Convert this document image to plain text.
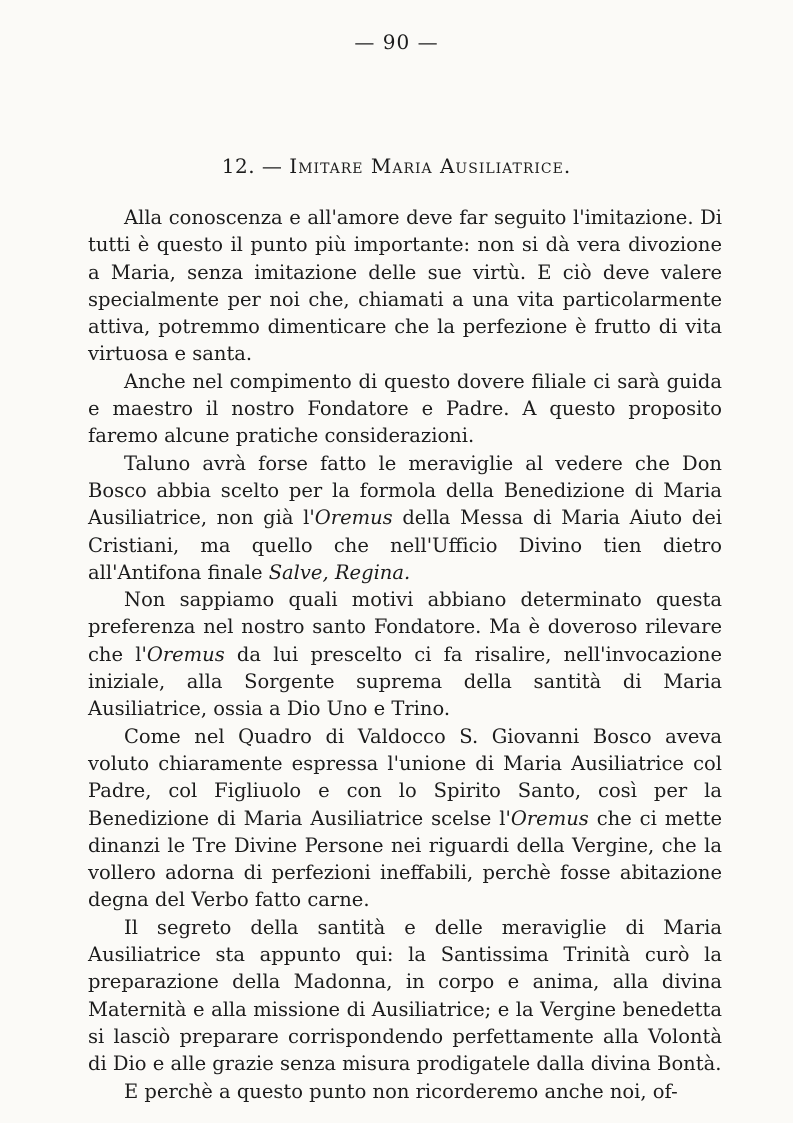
— 90 —
12. — Imitare Maria Ausiliatrice.

Alla conoscenza e all'amore deve far seguito l'imitazione. Di tutti è questo il punto più importante: non si dà vera divozione a Maria, senza imitazione delle sue virtù. E ciò deve valere specialmente per noi che, chiamati a una vita particolarmente attiva, potremmo dimenticare che la perfezione è frutto di vita virtuosa e santa.

Anche nel compimento di questo dovere filiale ci sarà guida e maestro il nostro Fondatore e Padre. A questo proposito faremo alcune pratiche considerazioni.

Taluno avrà forse fatto le meraviglie al vedere che Don Bosco abbia scelto per la formola della Benedizione di Maria Ausiliatrice, non già l'Oremus della Messa di Maria Aiuto dei Cristiani, ma quello che nell'Ufficio Divino tien dietro all'Antifona finale Salve, Regina.

Non sappiamo quali motivi abbiano determinato questa preferenza nel nostro santo Fondatore. Ma è doveroso rilevare che l'Oremus da lui prescelto ci fa risalire, nell'invocazione iniziale, alla Sorgente suprema della santità di Maria Ausiliatrice, ossia a Dio Uno e Trino.

Come nel Quadro di Valdocco S. Giovanni Bosco aveva voluto chiaramente espressa l'unione di Maria Ausiliatrice col Padre, col Figliuolo e con lo Spirito Santo, così per la Benedizione di Maria Ausiliatrice scelse l'Oremus che ci mette dinanzi le Tre Divine Persone nei riguardi della Vergine, che la vollero adorna di perfezioni ineffabili, perchè fosse abitazione degna del Verbo fatto carne.

Il segreto della santità e delle meraviglie di Maria Ausiliatrice sta appunto qui: la Santissima Trinità curò la preparazione della Madonna, in corpo e anima, alla divina Maternità e alla missione di Ausiliatrice; e la Vergine benedetta si lasciò preparare corrispondendo perfettamente alla Volontà di Dio e alle grazie senza misura prodigatele dalla divina Bontà.

E perchè a questo punto non ricorderemo anche noi, of-
